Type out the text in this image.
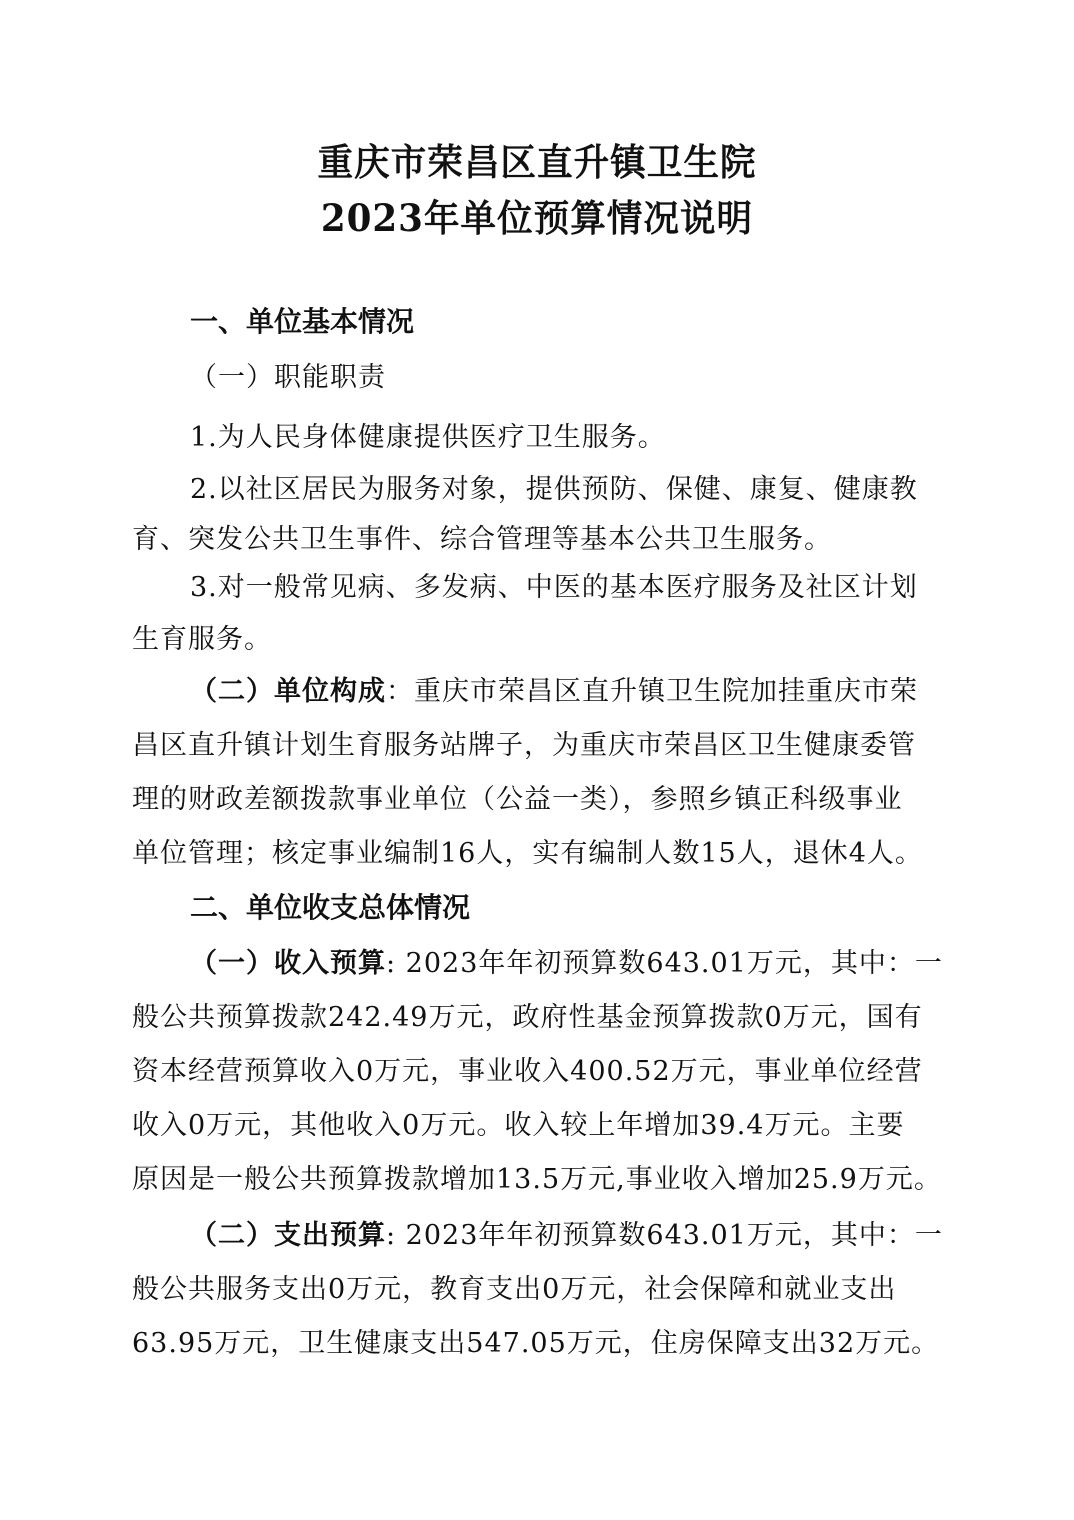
重庆市荣昌区直升镇卫生院
2023年单位预算情况说明
一、单位基本情况
（一）职能职责
1.为人民身体健康提供医疗卫生服务。
2.以社区居民为服务对象，提供预防、保健、康复、健康教
育、突发公共卫生事件、综合管理等基本公共卫生服务。
3.对一般常见病、多发病、中医的基本医疗服务及社区计划
生育服务。
（二）单位构成：重庆市荣昌区直升镇卫生院加挂重庆市荣
昌区直升镇计划生育服务站牌子，为重庆市荣昌区卫生健康委管
理的财政差额拨款事业单位（公益一类），参照乡镇正科级事业
单位管理；核定事业编制16人，实有编制人数15人，退休4人。
二、单位收支总体情况
（一）收入预算: 2023年年初预算数643.01万元，其中：一
般公共预算拨款242.49万元，政府性基金预算拨款0万元，国有
资本经营预算收入0万元，事业收入400.52万元，事业单位经营
收入0万元，其他收入0万元。收入较上年增加39.4万元。主要
原因是一般公共预算拨款增加13.5万元,事业收入增加25.9万元。
（二）支出预算: 2023年年初预算数643.01万元，其中：一
般公共服务支出0万元，教育支出0万元，社会保障和就业支出
63.95万元，卫生健康支出547.05万元，住房保障支出32万元。
